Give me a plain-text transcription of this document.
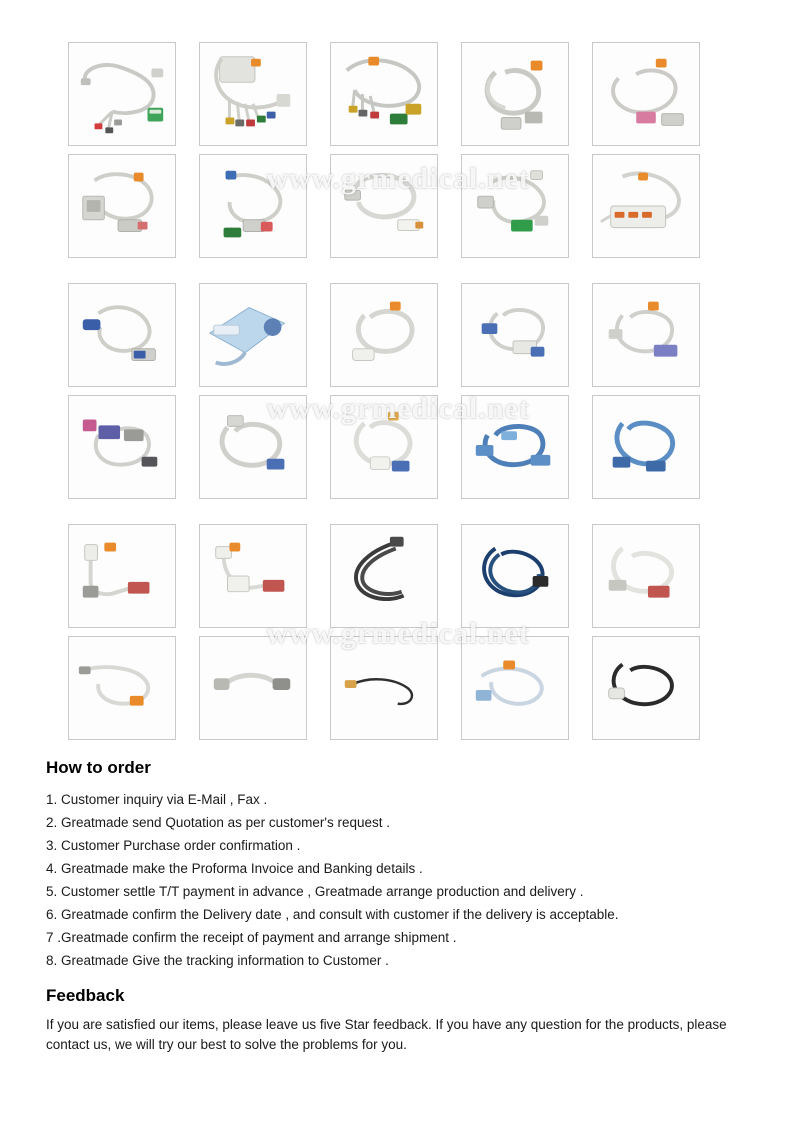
www.grmedical.net
www.grmedical.net
www.grmedical.net
How to order
1. Customer inquiry via E-Mail , Fax .
2. Greatmade send Quotation as per customer's request .
3. Customer Purchase order confirmation .
4. Greatmade make the Proforma Invoice and Banking details .
5. Customer settle T/T payment in advance , Greatmade arrange production and delivery .
6. Greatmade confirm the Delivery date , and consult with customer if the delivery is acceptable.
7 .Greatmade confirm the receipt of payment and arrange shipment .
8. Greatmade Give the tracking information to Customer .
Feedback
If you are satisfied our items, please leave us five Star feedback. If you have any question for the products, please contact us, we will try our best to solve the problems for you.
